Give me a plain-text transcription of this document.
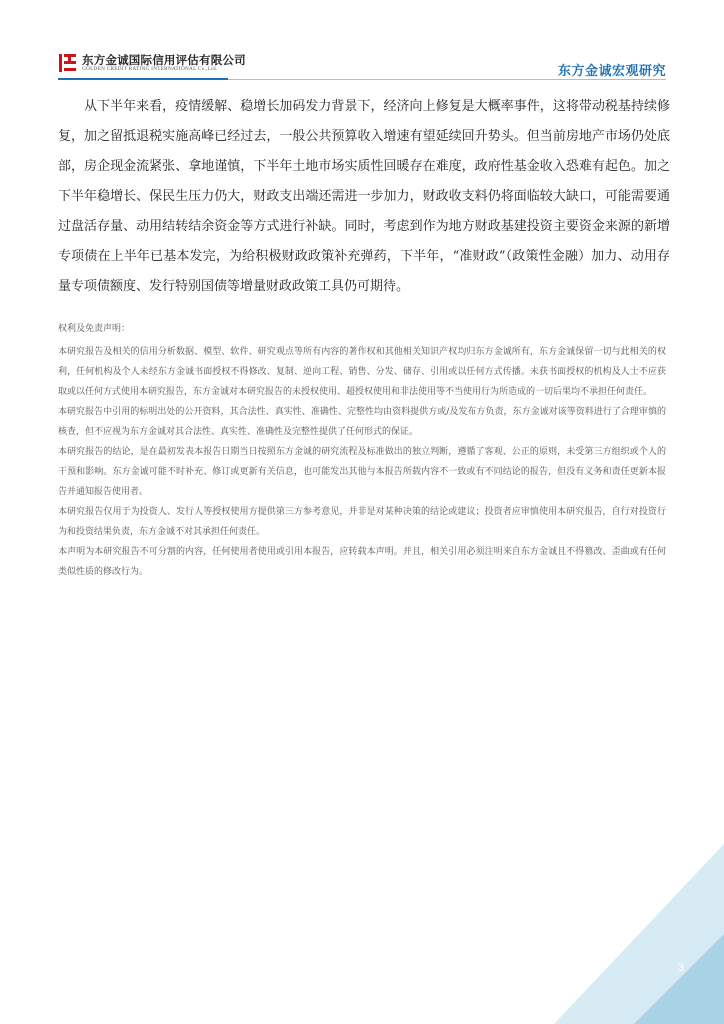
东方金诚国际信用评估有限公司
GOLDEN CREDIT RATING INTERNATIONAL Co.,Ltd.	东方金诚宏观研究

从下半年来看，疫情缓解、稳增长加码发力背景下，经济向上修复是大概率事件，这将带动税基持续修复，加之留抵退税实施高峰已经过去，一般公共预算收入增速有望延续回升势头。但当前房地产市场仍处底部，房企现金流紧张、拿地谨慎，下半年土地市场实质性回暖存在难度，政府性基金收入恐难有起色。加之下半年稳增长、保民生压力仍大，财政支出端还需进一步加力，财政收支料仍将面临较大缺口，可能需要通过盘活存量、动用结转结余资金等方式进行补缺。同时，考虑到作为地方财政基建投资主要资金来源的新增专项债在上半年已基本发完，为给积极财政政策补充弹药，下半年，“准财政”（政策性金融）加力、动用存量专项债额度、发行特别国债等增量财政政策工具仍可期待。

权利及免责声明：

本研究报告及相关的信用分析数据、模型、软件、研究观点等所有内容的著作权和其他相关知识产权均归东方金诚所有，东方金诚保留一切与此相关的权利，任何机构及个人未经东方金诚书面授权不得修改、复制、逆向工程、销售、分发、储存、引用或以任何方式传播。未获书面授权的机构及人士不应获取或以任何方式使用本研究报告，东方金诚对本研究报告的未授权使用、超授权使用和非法使用等不当使用行为所造成的一切后果均不承担任何责任。

本研究报告中引用的标明出处的公开资料，其合法性、真实性、准确性、完整性均由资料提供方或/及发布方负责，东方金诚对该等资料进行了合理审慎的核查，但不应视为东方金诚对其合法性、真实性、准确性及完整性提供了任何形式的保证。

本研究报告的结论，是在最初发表本报告日期当日按照东方金诚的研究流程及标准做出的独立判断，遵循了客观、公正的原则，未受第三方组织或个人的干预和影响。东方金诚可能不时补充、修订或更新有关信息，也可能发出其他与本报告所载内容不一致或有不同结论的报告，但没有义务和责任更新本报告并通知报告使用者。

本研究报告仅用于为投资人、发行人等授权使用方提供第三方参考意见，并非是对某种决策的结论或建议；投资者应审慎使用本研究报告，自行对投资行为和投资结果负责，东方金诚不对其承担任何责任。

本声明为本研究报告不可分割的内容，任何使用者使用或引用本报告，应转载本声明。并且，相关引用必须注明来自东方金诚且不得篡改、歪曲或有任何类似性质的修改行为。

3
